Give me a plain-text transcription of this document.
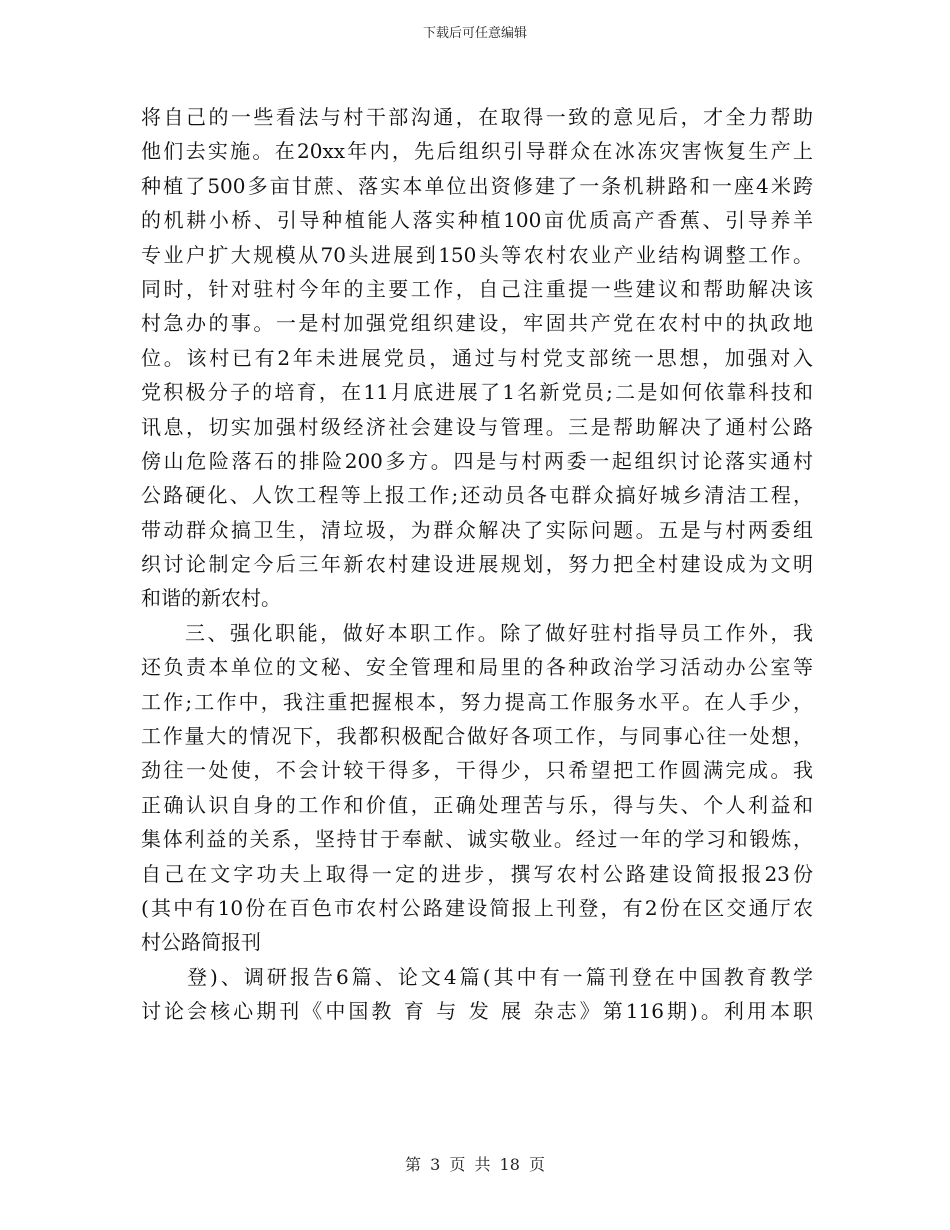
下载后可任意编辑
将自己的一些看法与村干部沟通，在取得一致的意见后，才全力帮助
他们去实施。在20xx年内，先后组织引导群众在冰冻灾害恢复生产上
种植了500多亩甘蔗、落实本单位出资修建了一条机耕路和一座4米跨
的机耕小桥、引导种植能人落实种植100亩优质高产香蕉、引导养羊
专业户扩大规模从70头进展到150头等农村农业产业结构调整工作。
同时，针对驻村今年的主要工作，自己注重提一些建议和帮助解决该
村急办的事。一是村加强党组织建设，牢固共产党在农村中的执政地
位。该村已有2年未进展党员，通过与村党支部统一思想，加强对入
党积极分子的培育，在11月底进展了1名新党员;二是如何依靠科技和
讯息，切实加强村级经济社会建设与管理。三是帮助解决了通村公路
傍山危险落石的排险200多方。四是与村两委一起组织讨论落实通村
公路硬化、人饮工程等上报工作;还动员各屯群众搞好城乡清洁工程，
带动群众搞卫生，清垃圾，为群众解决了实际问题。五是与村两委组
织讨论制定今后三年新农村建设进展规划，努力把全村建设成为文明
和谐的新农村。
三、强化职能，做好本职工作。除了做好驻村指导员工作外，我
还负责本单位的文秘、安全管理和局里的各种政治学习活动办公室等
工作;工作中，我注重把握根本，努力提高工作服务水平。在人手少，
工作量大的情况下，我都积极配合做好各项工作，与同事心往一处想，
劲往一处使，不会计较干得多，干得少，只希望把工作圆满完成。我
正确认识自身的工作和价值，正确处理苦与乐，得与失、个人利益和
集体利益的关系，坚持甘于奉献、诚实敬业。经过一年的学习和锻炼，
自己在文字功夫上取得一定的进步，撰写农村公路建设简报报23份
(其中有10份在百色市农村公路建设简报上刊登，有2份在区交通厅农
村公路简报刊
登)、调研报告6篇、论文4篇(其中有一篇刊登在中国教育教学
讨论会核心期刊《中国教 育 与 发 展 杂志》第116期)。利用本职
第 3 页 共 18 页
